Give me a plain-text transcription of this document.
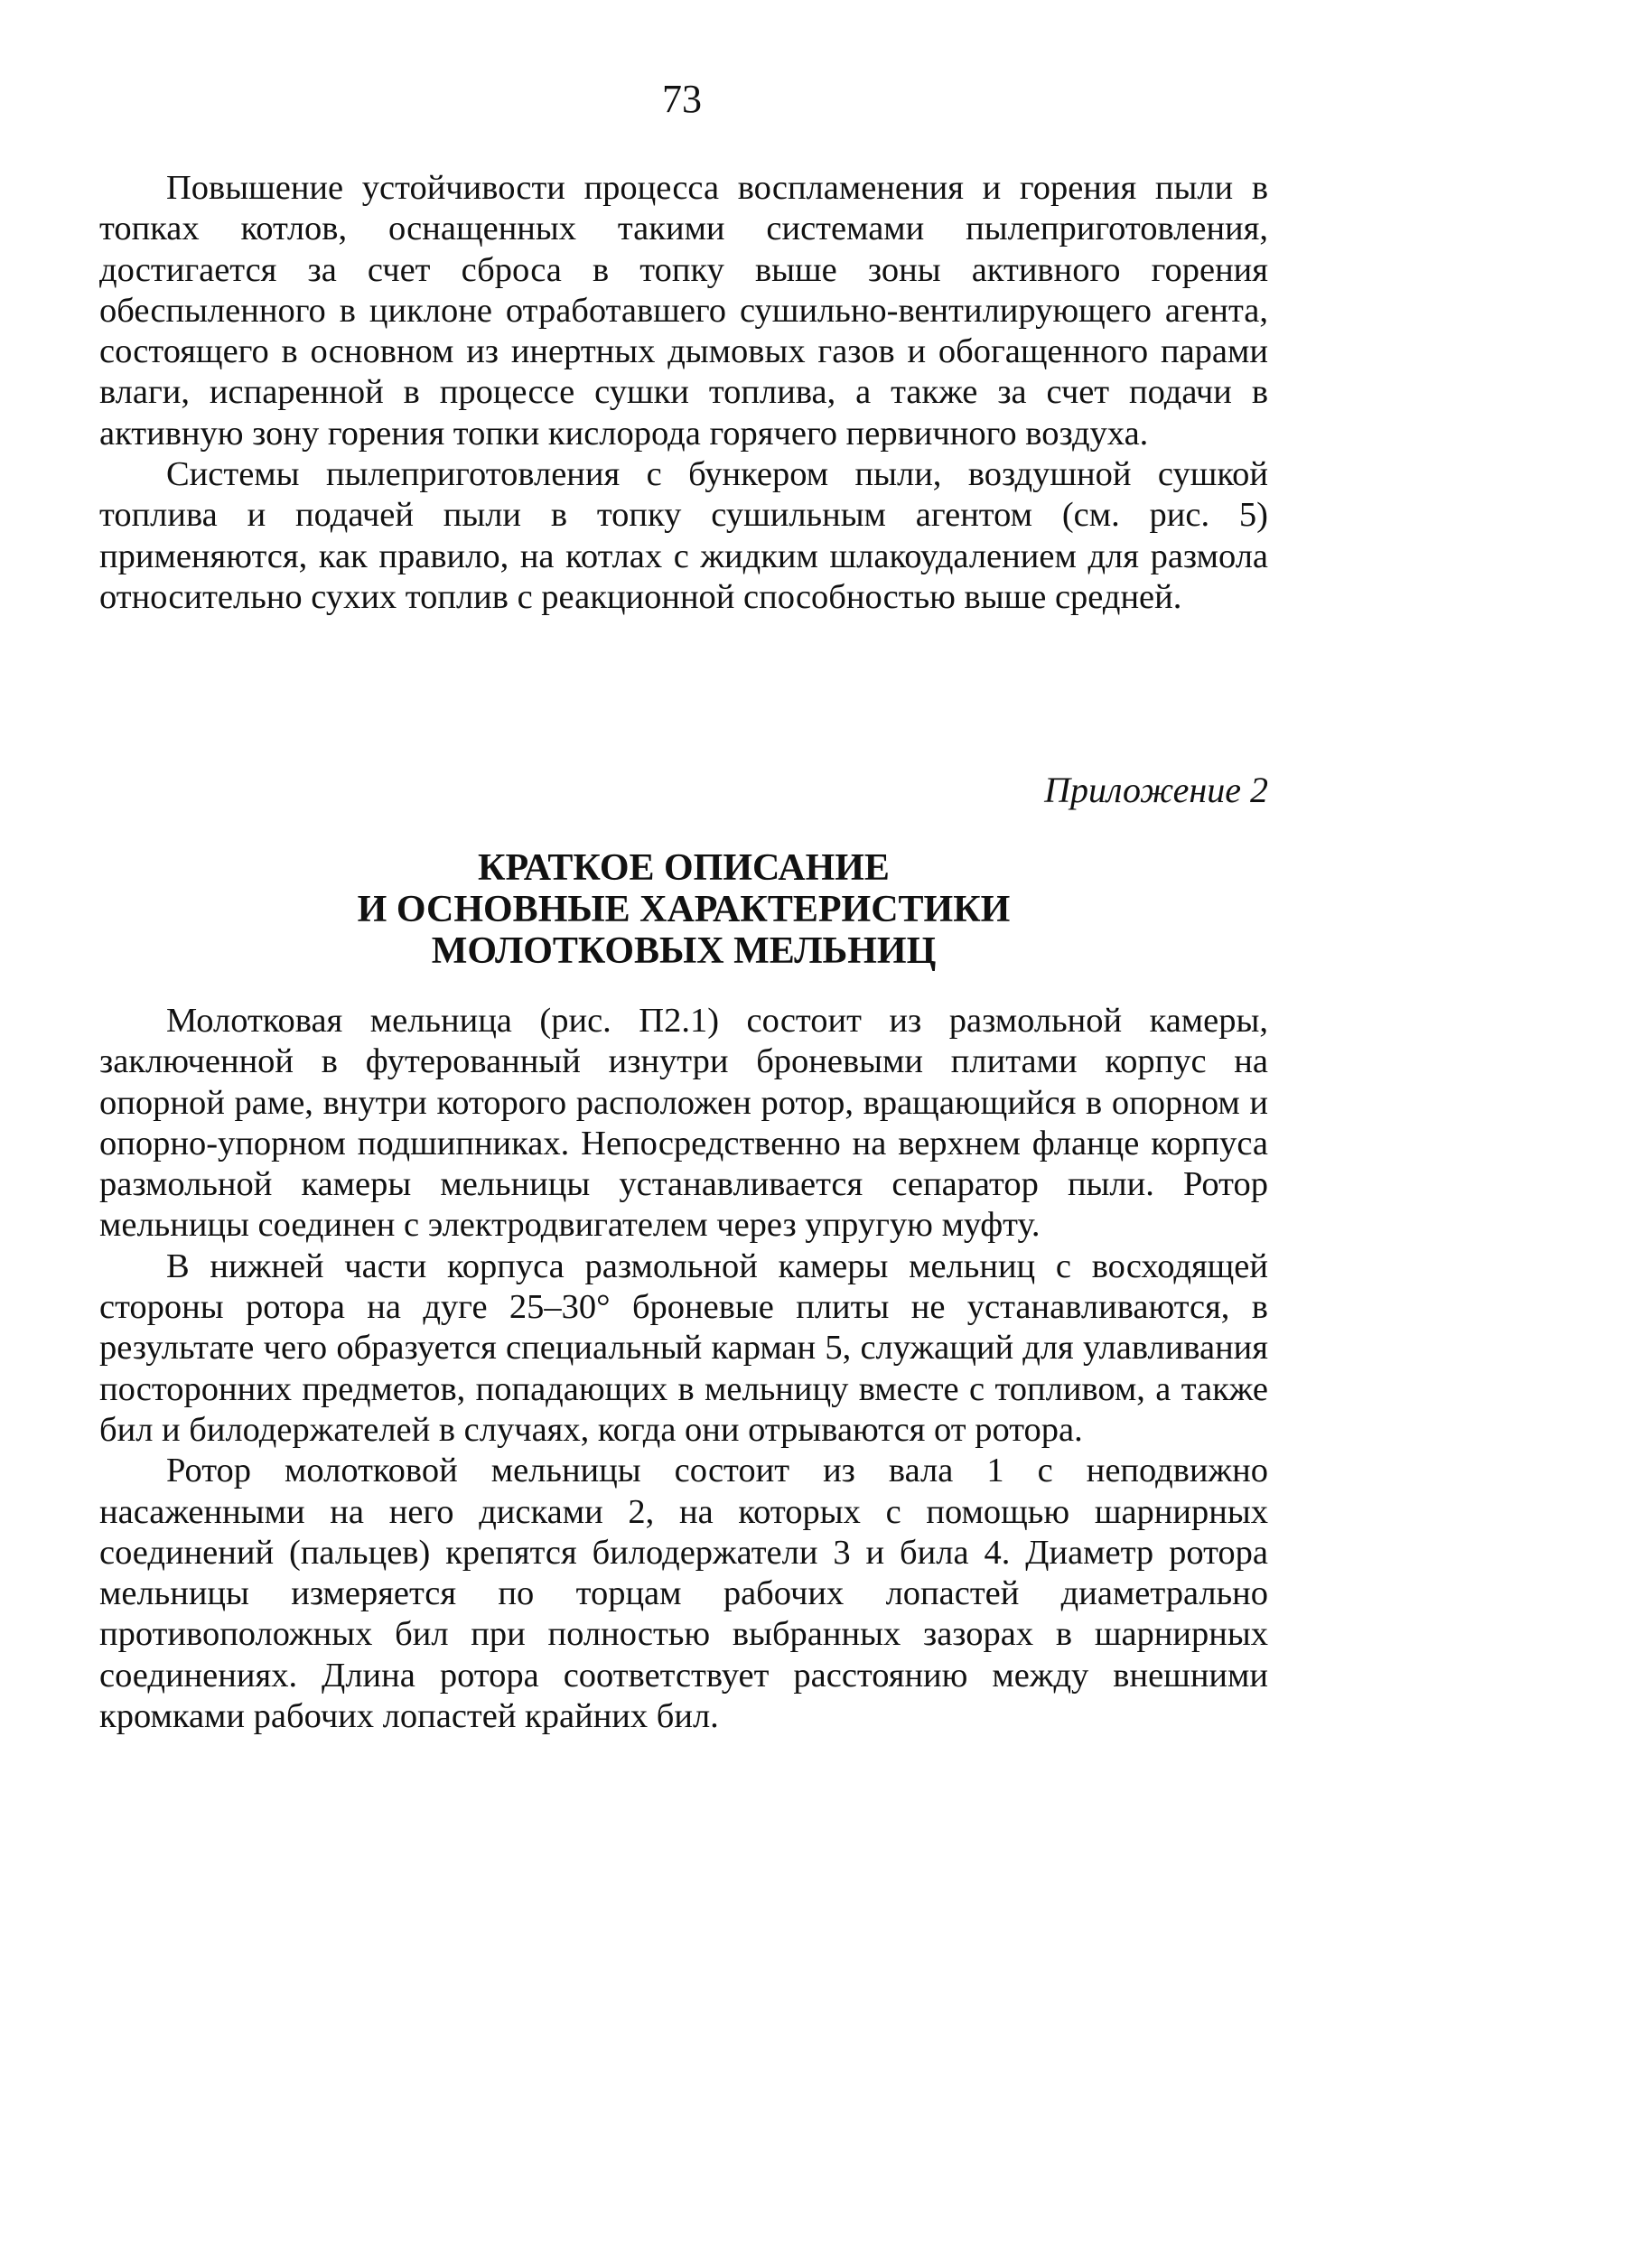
73

Повышение устойчивости процесса воспламенения и горения пыли в топках котлов, оснащенных такими системами пылеприготовления, достигается за счет сброса в топку выше зоны активного горения обеспыленного в циклоне отработавшего сушильно-вентилирующего агента, состоящего в основном из инертных дымовых газов и обогащенного парами влаги, испаренной в процессе сушки топлива, а также за счет подачи в активную зону горения топки кислорода горячего первичного воздуха.

Системы пылеприготовления с бункером пыли, воздушной сушкой топлива и подачей пыли в топку сушильным агентом (см. рис. 5) применяются, как правило, на котлах с жидким шлакоудалением для размола относительно сухих топлив с реакционной способностью выше средней.

Приложение 2
КРАТКОЕ ОПИСАНИЕ
И ОСНОВНЫЕ ХАРАКТЕРИСТИКИ
МОЛОТКОВЫХ МЕЛЬНИЦ

Молотковая мельница (рис. П2.1) состоит из размольной камеры, заключенной в футерованный изнутри броневыми плитами корпус на опорной раме, внутри которого расположен ротор, вращающийся в опорном и опорно-упорном подшипниках. Непосредственно на верхнем фланце корпуса размольной камеры мельницы устанавливается сепаратор пыли. Ротор мельницы соединен с электродвигателем через упругую муфту.

В нижней части корпуса размольной камеры мельниц с восходящей стороны ротора на дуге 25–30° броневые плиты не устанавливаются, в результате чего образуется специальный карман 5, служащий для улавливания посторонних предметов, попадающих в мельницу вместе с топливом, а также бил и билодержателей в случаях, когда они отрываются от ротора.

Ротор молотковой мельницы состоит из вала 1 с неподвижно насаженными на него дисками 2, на которых с помощью шарнирных соединений (пальцев) крепятся билодержатели 3 и била 4. Диаметр ротора мельницы измеряется по торцам рабочих лопастей диаметрально противоположных бил при полностью выбранных зазорах в шарнирных соединениях. Длина ротора соответствует расстоянию между внешними кромками рабочих лопастей крайних бил.
